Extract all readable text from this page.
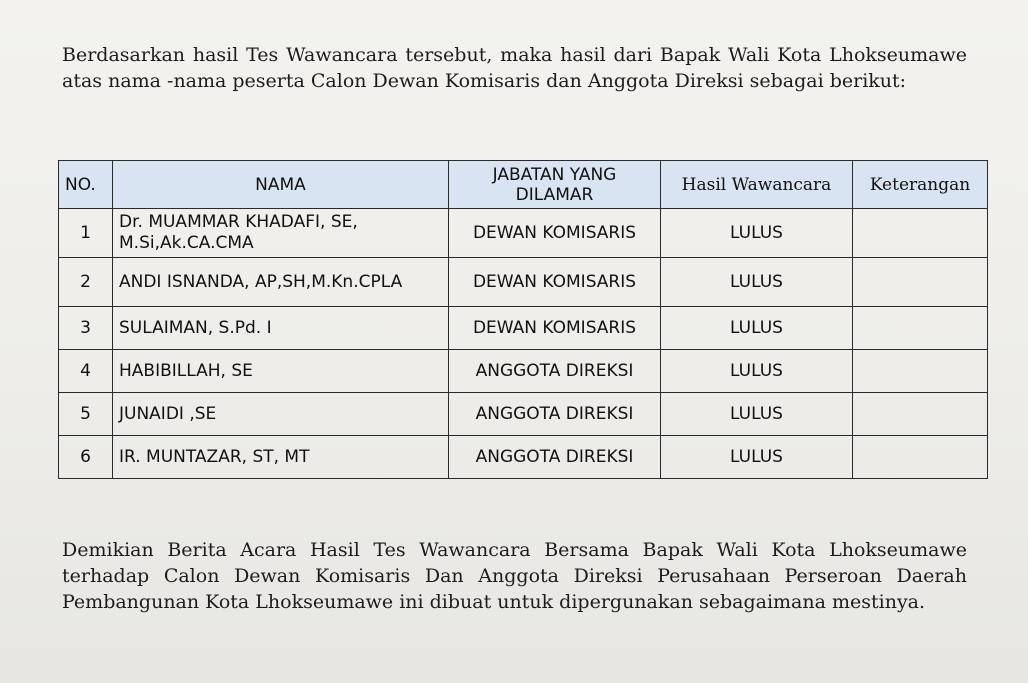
Berdasarkan hasil Tes Wawancara tersebut, maka hasil dari Bapak Wali Kota Lhokseumawe atas nama -nama peserta Calon Dewan Komisaris dan Anggota Direksi sebagai berikut:

NO.	NAMA	JABATAN YANG DILAMAR	Hasil Wawancara	Keterangan
1	Dr. MUAMMAR KHADAFI, SE, M.Si,Ak.CA.CMA	DEWAN KOMISARIS	LULUS	
2	ANDI ISNANDA, AP,SH,M.Kn.CPLA	DEWAN KOMISARIS	LULUS	
3	SULAIMAN, S.Pd. I	DEWAN KOMISARIS	LULUS	
4	HABIBILLAH, SE	ANGGOTA DIREKSI	LULUS	
5	JUNAIDI ,SE	ANGGOTA DIREKSI	LULUS	
6	IR. MUNTAZAR, ST, MT	ANGGOTA DIREKSI	LULUS	

Demikian Berita Acara Hasil Tes Wawancara Bersama Bapak Wali Kota Lhokseumawe terhadap Calon Dewan Komisaris Dan Anggota Direksi Perusahaan Perseroan Daerah Pembangunan Kota Lhokseumawe ini dibuat untuk dipergunakan sebagaimana mestinya.
